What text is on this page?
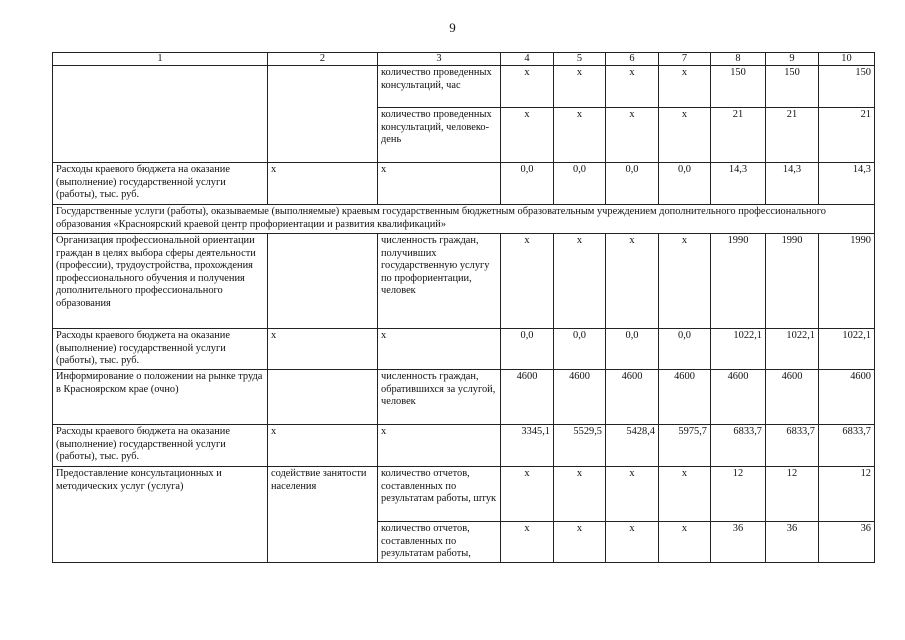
9
1	2	3	4	5	6	7	8	9	10
		количество проведенных консультаций, час	х	х	х	х	150	150	150
		количество проведенных консультаций, человеко-день	х	х	х	х	21	21	21
Расходы краевого бюджета на оказание (выполнение) государственной услуги (работы), тыс. руб.	х	х	0,0	0,0	0,0	0,0	14,3	14,3	14,3
Государственные услуги (работы), оказываемые (выполняемые) краевым государственным бюджетным образовательным учреждением дополнительного профессионального образования «Красноярский краевой центр профориентации и развития квалификаций»									
Организация профессиональной ориентации граждан в целях выбора сферы деятельности (профессии), трудоустройства, прохождения профессионального обучения и получения дополнительного профессионального образования		численность граждан, получивших государственную услугу по профориентации, человек	х	х	х	х	1990	1990	1990
Расходы краевого бюджета на оказание (выполнение) государственной услуги (работы), тыс. руб.	х	х	0,0	0,0	0,0	0,0	1022,1	1022,1	1022,1
Информирование о положении на рынке труда в Красноярском крае (очно)		численность граждан, обратившихся за услугой, человек	4600	4600	4600	4600	4600	4600	4600
Расходы краевого бюджета на оказание (выполнение) государственной услуги (работы), тыс. руб.	х	х	3345,1	5529,5	5428,4	5975,7	6833,7	6833,7	6833,7
Предоставление консультационных и методических услуг (услуга)	содействие занятости населения	количество отчетов, составленных по результатам работы, штук	х	х	х	х	12	12	12
		количество отчетов, составленных по результатам работы,	х	х	х	х	36	36	36
